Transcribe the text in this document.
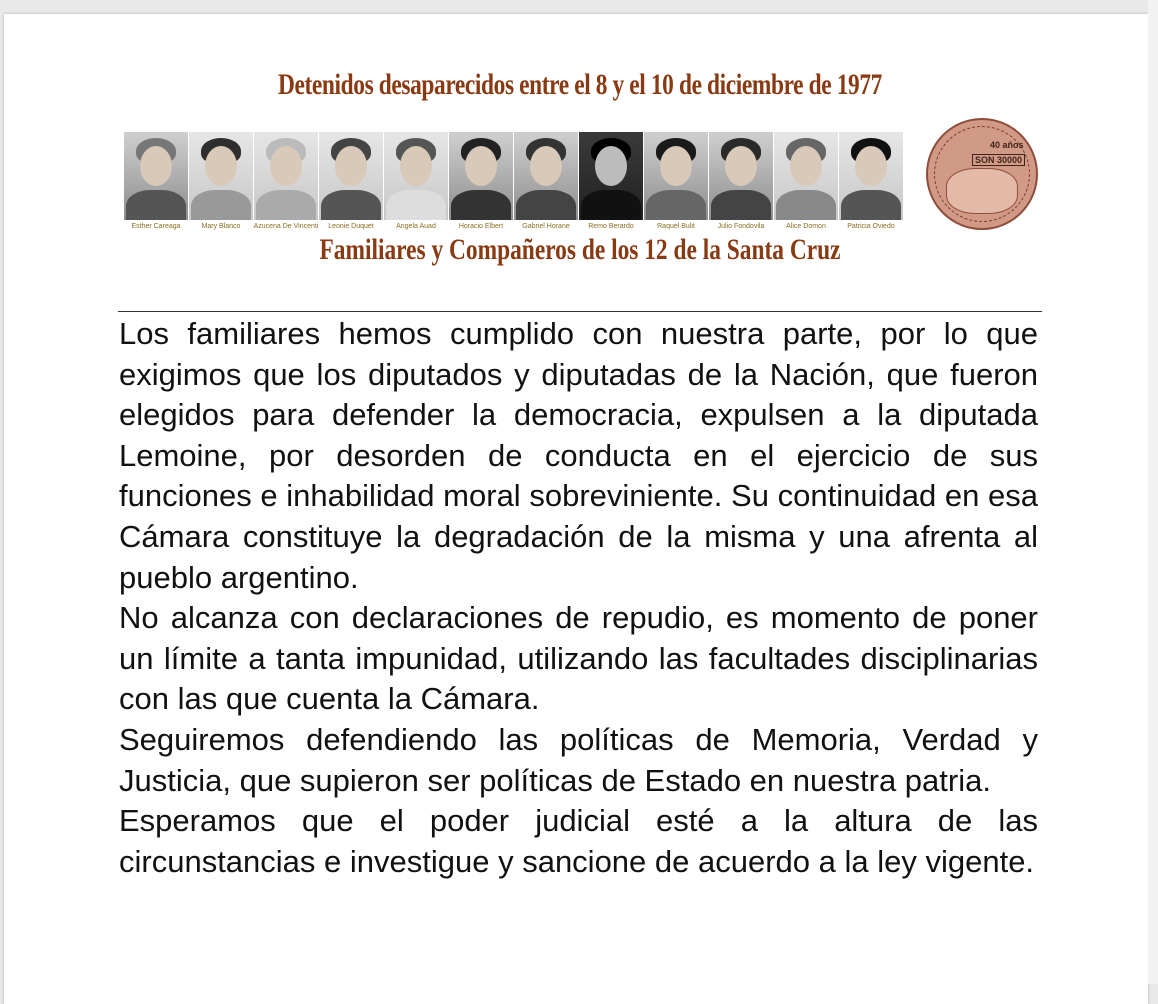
Detenidos desaparecidos entre el 8 y el 10 de diciembre de 1977
Esther Careaga	Mary Blanco	Azucena De Vincenti	Leonie Duquet	Angela Auad	Horacio Elbert	Gabriel Horane	Remo Berardo	Raquel Bulit	Julio Fondovila	Alice Domon	Patricia Oviedo
40 años
SON 30000
Familiares y Compañeros de los 12 de la Santa Cruz

Los familiares hemos cumplido con nuestra parte, por lo que exigimos que los diputados y diputadas de la Nación, que fueron elegidos para defender la democracia, expulsen a la diputada Lemoine, por desorden de conducta en el ejercicio de sus funciones e inhabilidad moral sobreviniente. Su continuidad en esa Cámara constituye la degradación de la misma y una afrenta al pueblo argentino.

No alcanza con declaraciones de repudio, es momento de poner un límite a tanta impunidad, utilizando las facultades disciplinarias con las que cuenta la Cámara.

Seguiremos defendiendo las políticas de Memoria, Verdad y Justicia, que supieron ser políticas de Estado en nuestra patria.

Esperamos que el poder judicial esté a la altura de las circunstancias e investigue y sancione de acuerdo a la ley vigente.
